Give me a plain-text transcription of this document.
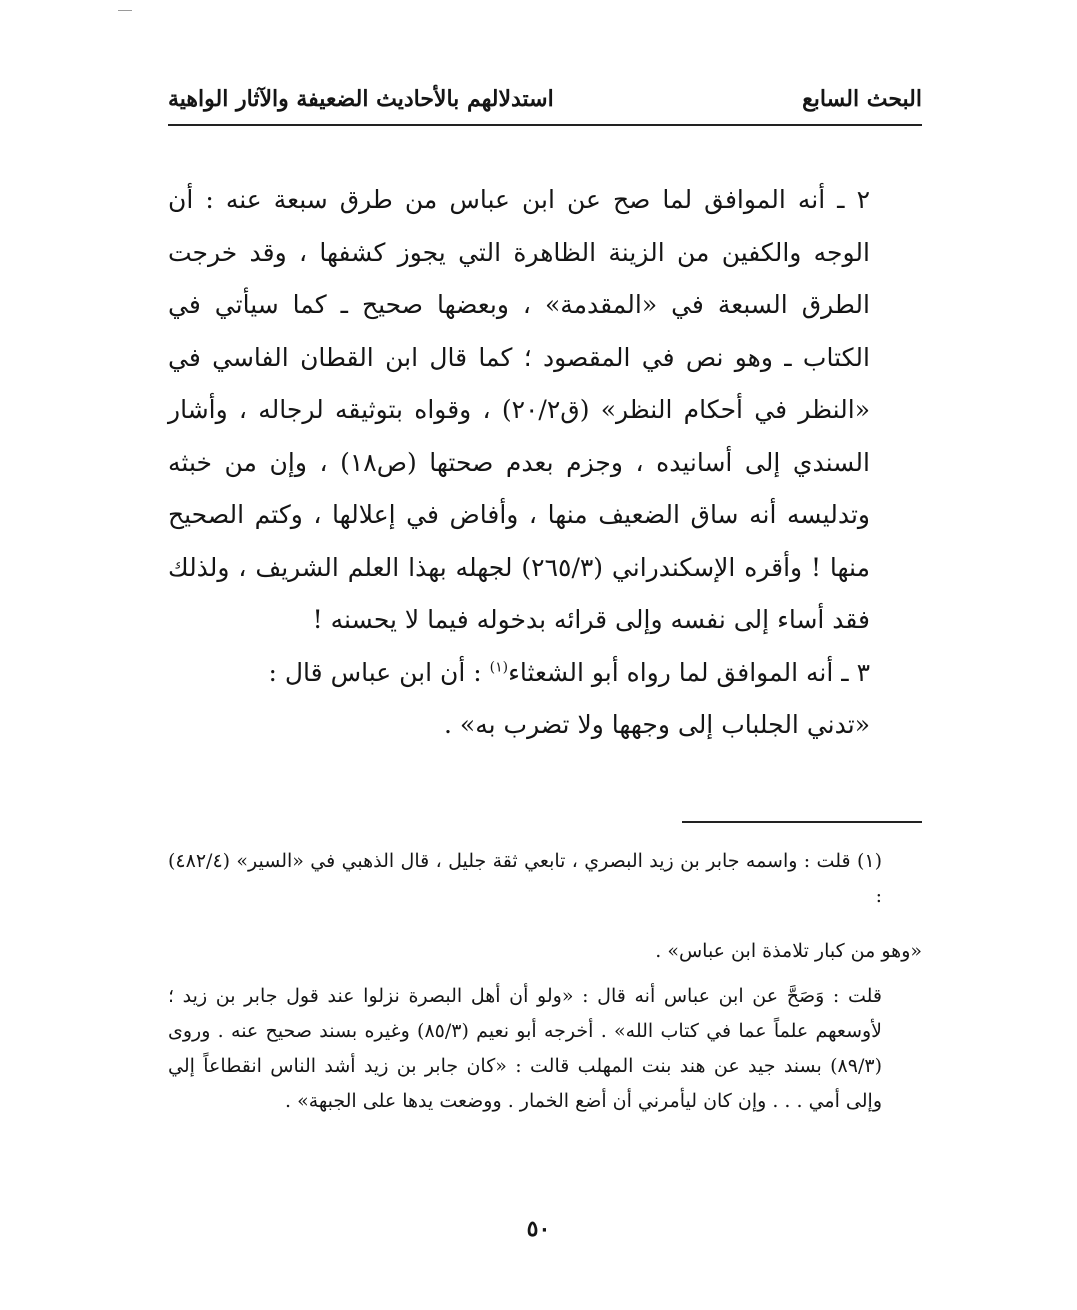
البحث السابع
استدلالهم بالأحاديث الضعيفة والآثار الواهية

٢ ـ أنه الموافق لما صح عن ابن عباس من طرق سبعة عنه : أن الوجه والكفين من الزينة الظاهرة التي يجوز كشفها ، وقد خرجت الطرق السبعة في «المقدمة» ، وبعضها صحيح ـ كما سيأتي في الكتاب ـ وهو نص في المقصود ؛ كما قال ابن القطان الفاسي في «النظر في أحكام النظر» (ق٢٠/٢) ، وقواه بتوثيقه لرجاله ، وأشار السندي إلى أسانيده ، وجزم بعدم صحتها (ص١٨) ، وإن من خبثه وتدليسه أنه ساق الضعيف منها ، وأفاض في إعلالها ، وكتم الصحيح منها ! وأقره الإسكندراني (٢٦٥/٣) لجهله بهذا العلم الشريف ، ولذلك فقد أساء إلى نفسه وإلى قرائه بدخوله فيما لا يحسنه !

٣ ـ أنه الموافق لما رواه أبو الشعثاء$^{(١)}$ : أن ابن عباس قال :

«تدني الجلباب إلى وجهها ولا تضرب به» .

(١) قلت : واسمه جابر بن زيد البصري ، تابعي ثقة جليل ، قال الذهبي في «السير» (٤٨٢/٤) :

«وهو من كبار تلامذة ابن عباس» .

قلت : وَصَحَّ عن ابن عباس أنه قال : «ولو أن أهل البصرة نزلوا عند قول جابر بن زيد ؛ لأوسعهم علماً عما في كتاب الله» . أخرجه أبو نعيم (٨٥/٣) وغيره بسند صحيح عنه . وروى (٨٩/٣) بسند جيد عن هند بنت المهلب قالت : «كان جابر بن زيد أشد الناس انقطاعاً إلي وإلى أمي . . . وإن كان ليأمرني أن أضع الخمار . ووضعت يدها على الجبهة» .

٥٠
